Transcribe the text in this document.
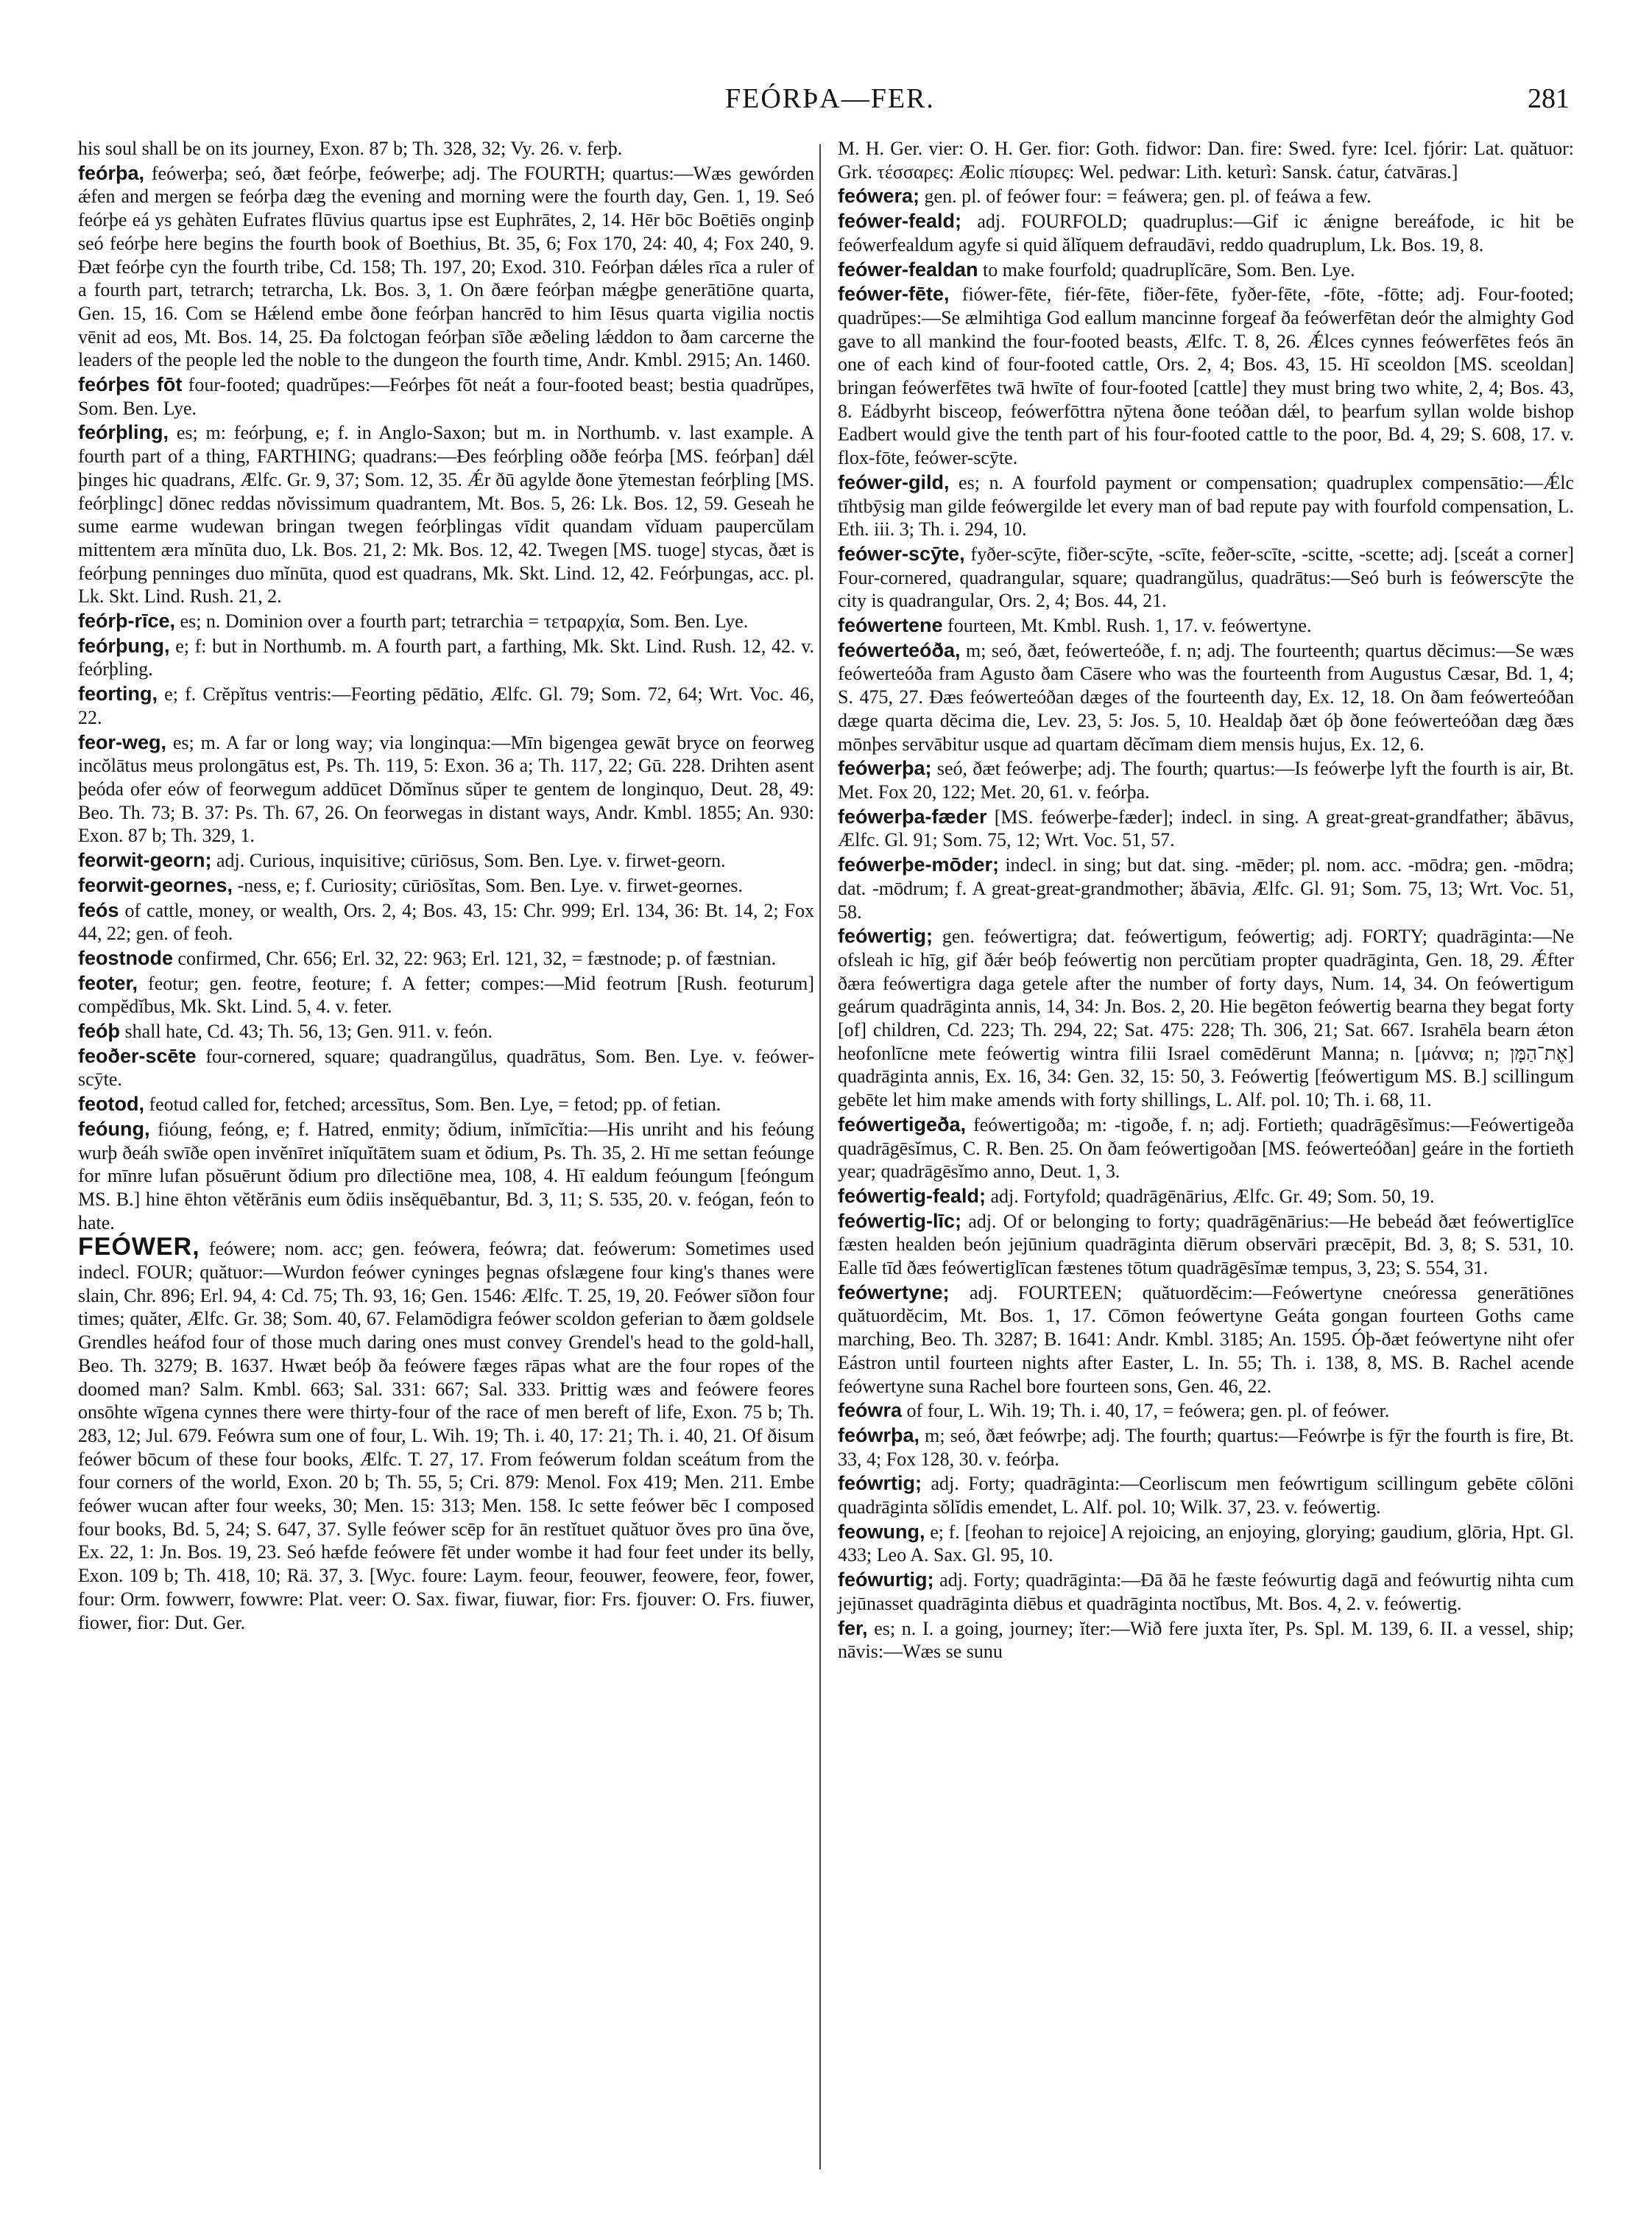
FEÓRÞA—FER.	281

his soul shall be on its journey, Exon. 87 b; Th. 328, 32; Vy. 26. v. ferþ.

feórþa, feówerþa; seó, ðæt feórþe, feówerþe; adj. The FOURTH; quartus:—Wæs gewórden ǽfen and mergen se feórþa dæg the evening and morning were the fourth day, Gen. 1, 19. Seó feórþe eá ys gehàten Eufrates flūvius quartus ipse est Euphrātes, 2, 14. Hēr bōc Boētiēs onginþ seó feórþe here begins the fourth book of Boethius, Bt. 35, 6; Fox 170, 24: 40, 4; Fox 240, 9. Ðæt feórþe cyn the fourth tribe, Cd. 158; Th. 197, 20; Exod. 310. Feórþan dǽles rīca a ruler of a fourth part, tetrarch; tetrarcha, Lk. Bos. 3, 1. On ðære feórþan mǽgþe generātiōne quarta, Gen. 15, 16. Com se Hǽlend embe ðone feórþan hancrēd to him Iēsus quarta vigilia noctis vēnit ad eos, Mt. Bos. 14, 25. Ða folctogan feórþan sīðe æðeling lǽddon to ðam carcerne the leaders of the people led the noble to the dungeon the fourth time, Andr. Kmbl. 2915; An. 1460.

feórþes fōt four-footed; quadrŭpes:—Feórþes fōt neát a four-footed beast; bestia quadrŭpes, Som. Ben. Lye.

feórþling, es; m: feórþung, e; f. in Anglo-Saxon; but m. in Northumb. v. last example. A fourth part of a thing, FARTHING; quadrans:—Ðes feórþling oððe feórþa [MS. feórþan] dǽl þinges hic quadrans, Ælfc. Gr. 9, 37; Som. 12, 35. Ǽr ðū agylde ðone ӯtemestan feórþling [MS. feórþlingc] dōnec reddas nŏvissimum quadrantem, Mt. Bos. 5, 26: Lk. Bos. 12, 59. Geseah he sume earme wudewan bringan twegen feórþlingas vīdit quandam vĭduam paupercŭlam mittentem æra mĭnūta duo, Lk. Bos. 21, 2: Mk. Bos. 12, 42. Twegen [MS. tuoge] stycas, ðæt is feórþung penninges duo mĭnūta, quod est quadrans, Mk. Skt. Lind. 12, 42. Feórþungas, acc. pl. Lk. Skt. Lind. Rush. 21, 2.

feórþ-rīce, es; n. Dominion over a fourth part; tetrarchia = τετραρχία, Som. Ben. Lye.

feórþung, e; f: but in Northumb. m. A fourth part, a farthing, Mk. Skt. Lind. Rush. 12, 42. v. feórþling.

feorting, e; f. Crĕpĭtus ventris:—Feorting pēdātio, Ælfc. Gl. 79; Som. 72, 64; Wrt. Voc. 46, 22.

feor-weg, es; m. A far or long way; via longinqua:—Mīn bigengea gewāt bryce on feorweg incŏlātus meus prolongātus est, Ps. Th. 119, 5: Exon. 36 a; Th. 117, 22; Gū. 228. Drihten asent þeóda ofer eów of feorwegum addūcet Dŏmĭnus sŭper te gentem de longinquo, Deut. 28, 49: Beo. Th. 73; B. 37: Ps. Th. 67, 26. On feorwegas in distant ways, Andr. Kmbl. 1855; An. 930: Exon. 87 b; Th. 329, 1.

feorwit-georn; adj. Curious, inquisitive; cūriōsus, Som. Ben. Lye. v. firwet-georn.

feorwit-geornes, -ness, e; f. Curiosity; cūriōsĭtas, Som. Ben. Lye. v. firwet-geornes.

feós of cattle, money, or wealth, Ors. 2, 4; Bos. 43, 15: Chr. 999; Erl. 134, 36: Bt. 14, 2; Fox 44, 22; gen. of feoh.

feostnode confirmed, Chr. 656; Erl. 32, 22: 963; Erl. 121, 32, = fæstnode; p. of fæstnian.

feoter, feotur; gen. feotre, feoture; f. A fetter; compes:—Mid feotrum [Rush. feoturum] compĕdĭbus, Mk. Skt. Lind. 5, 4. v. feter.

feóþ shall hate, Cd. 43; Th. 56, 13; Gen. 911. v. feón.

feoðer-scēte four-cornered, square; quadrangŭlus, quadrātus, Som. Ben. Lye. v. feówer-scӯte.

feotod, feotud called for, fetched; arcessītus, Som. Ben. Lye, = fetod; pp. of fetian.

feóung, fióung, feóng, e; f. Hatred, enmity; ŏdium, inĭmīcĭtia:—His unriht and his feóung wurþ ðeáh swīðe open invĕnīret inĭquĭtātem suam et ŏdium, Ps. Th. 35, 2. Hī me settan feóunge for mīnre lufan pŏsuērunt ŏdium pro dīlectiōne mea, 108, 4. Hī ealdum feóungum [feóngum MS. B.] hine ēhton vĕtĕrānis eum ŏdiis insĕquēbantur, Bd. 3, 11; S. 535, 20. v. feógan, feón to hate.

FEÓWER, feówere; nom. acc; gen. feówera, feówra; dat. feówerum: Sometimes used indecl. FOUR; quătuor:—Wurdon feówer cyninges þegnas ofslægene four king's thanes were slain, Chr. 896; Erl. 94, 4: Cd. 75; Th. 93, 16; Gen. 1546: Ælfc. T. 25, 19, 20. Feówer sīðon four times; quăter, Ælfc. Gr. 38; Som. 40, 67. Felamōdigra feówer scoldon geferian to ðæm goldsele Grendles heáfod four of those much daring ones must convey Grendel's head to the gold-hall, Beo. Th. 3279; B. 1637. Hwæt beóþ ða feówere fæges rāpas what are the four ropes of the doomed man? Salm. Kmbl. 663; Sal. 331: 667; Sal. 333. Þrittig wæs and feówere feores onsōhte wīgena cynnes there were thirty-four of the race of men bereft of life, Exon. 75 b; Th. 283, 12; Jul. 679. Feówra sum one of four, L. Wih. 19; Th. i. 40, 17: 21; Th. i. 40, 21. Of ðisum feówer bōcum of these four books, Ælfc. T. 27, 17. From feówerum foldan sceátum from the four corners of the world, Exon. 20 b; Th. 55, 5; Cri. 879: Menol. Fox 419; Men. 211. Embe feówer wucan after four weeks, 30; Men. 15: 313; Men. 158. Ic sette feówer bēc I composed four books, Bd. 5, 24; S. 647, 37. Sylle feówer scēp for ān restĭtuet quătuor ŏves pro ūna ŏve, Ex. 22, 1: Jn. Bos. 19, 23. Seó hæfde feówere fēt under wombe it had four feet under its belly, Exon. 109 b; Th. 418, 10; Rä. 37, 3. [Wyc. foure: Laym. feour, feouwer, feowere, feor, fower, four: Orm. fowwerr, fowwre: Plat. veer: O. Sax. fiwar, fiuwar, fior: Frs. fjouver: O. Frs. fiuwer, fiower, fior: Dut. Ger.

M. H. Ger. vier: O. H. Ger. fior: Goth. fidwor: Dan. fire: Swed. fyre: Icel. fjórir: Lat. quătuor: Grk. τέσσαρες: Æolic πίσυρες: Wel. pedwar: Lith. keturì: Sansk. ćatur, ćatvāras.]

feówera; gen. pl. of feówer four: = feáwera; gen. pl. of feáwa a few.

feówer-feald; adj. FOURFOLD; quadruplus:—Gif ic ǽnigne bereáfode, ic hit be feówerfealdum agyfe si quid ălĭquem defraudāvi, reddo quadruplum, Lk. Bos. 19, 8.

feówer-fealdan to make fourfold; quadruplĭcāre, Som. Ben. Lye.

feówer-fēte, fiówer-fēte, fiér-fēte, fiðer-fēte, fyðer-fēte, -fōte, -fōtte; adj. Four-footed; quadrŭpes:—Se ælmihtiga God eallum mancinne forgeaf ða feówerfētan deór the almighty God gave to all mankind the four-footed beasts, Ælfc. T. 8, 26. Ǽlces cynnes feówerfētes feós ān one of each kind of four-footed cattle, Ors. 2, 4; Bos. 43, 15. Hī sceoldon [MS. sceoldan] bringan feówerfētes twā hwīte of four-footed [cattle] they must bring two white, 2, 4; Bos. 43, 8. Eádbyrht bisceop, feówerfōttra nӯtena ðone teóðan dǽl, to þearfum syllan wolde bishop Eadbert would give the tenth part of his four-footed cattle to the poor, Bd. 4, 29; S. 608, 17. v. flox-fōte, feówer-scӯte.

feówer-gild, es; n. A fourfold payment or compensation; quadruplex compensātio:—Ǽlc tīhtbӯsig man gilde feówergilde let every man of bad repute pay with fourfold compensation, L. Eth. iii. 3; Th. i. 294, 10.

feówer-scӯte, fyðer-scӯte, fiðer-scӯte, -scīte, feðer-scīte, -scitte, -scette; adj. [sceát a corner] Four-cornered, quadrangular, square; quadrangŭlus, quadrātus:—Seó burh is feówerscӯte the city is quadrangular, Ors. 2, 4; Bos. 44, 21.

feówertene fourteen, Mt. Kmbl. Rush. 1, 17. v. feówertyne.

feówerteóða, m; seó, ðæt, feówerteóðe, f. n; adj. The fourteenth; quartus dĕcimus:—Se wæs feówerteóða fram Agusto ðam Cāsere who was the fourteenth from Augustus Cæsar, Bd. 1, 4; S. 475, 27. Ðæs feówerteóðan dæges of the fourteenth day, Ex. 12, 18. On ðam feówerteóðan dæge quarta dĕcima die, Lev. 23, 5: Jos. 5, 10. Healdaþ ðæt óþ ðone feówerteóðan dæg ðæs mōnþes servābitur usque ad quartam dĕcĭmam diem mensis hujus, Ex. 12, 6.

feówerþa; seó, ðæt feówerþe; adj. The fourth; quartus:—Is feówerþe lyft the fourth is air, Bt. Met. Fox 20, 122; Met. 20, 61. v. feórþa.

feówerþa-fæder [MS. feówerþe-fæder]; indecl. in sing. A great-great-grandfather; ăbāvus, Ælfc. Gl. 91; Som. 75, 12; Wrt. Voc. 51, 57.

feówerþe-mōder; indecl. in sing; but dat. sing. -mēder; pl. nom. acc. -mōdra; gen. -mōdra; dat. -mōdrum; f. A great-great-grandmother; ăbāvia, Ælfc. Gl. 91; Som. 75, 13; Wrt. Voc. 51, 58.

feówertig; gen. feówertigra; dat. feówertigum, feówertig; adj. FORTY; quadrāginta:—Ne ofsleah ic hīg, gif ðǽr beóþ feówertig non percŭtiam propter quadrāginta, Gen. 18, 29. Ǽfter ðæra feówertigra daga getele after the number of forty days, Num. 14, 34. On feówertigum geárum quadrāginta annis, 14, 34: Jn. Bos. 2, 20. Hie begēton feówertig bearna they begat forty [of] children, Cd. 223; Th. 294, 22; Sat. 475: 228; Th. 306, 21; Sat. 667. Israhēla bearn ǽton heofonlīcne mete feówertig wintra filii Israel comēdērunt Manna; n. [μάννα; n; אֶת־הַמָּן] quadrāginta annis, Ex. 16, 34: Gen. 32, 15: 50, 3. Feówertig [feówertigum MS. B.] scillingum gebēte let him make amends with forty shillings, L. Alf. pol. 10; Th. i. 68, 11.

feówertigeða, feówertigoða; m: -tigoðe, f. n; adj. Fortieth; quadrāgēsĭmus:—Feówertigeða quadrāgēsĭmus, C. R. Ben. 25. On ðam feówertigoðan [MS. feówerteóðan] geáre in the fortieth year; quadrāgēsĭmo anno, Deut. 1, 3.

feówertig-feald; adj. Fortyfold; quadrāgēnārius, Ælfc. Gr. 49; Som. 50, 19.

feówertig-līc; adj. Of or belonging to forty; quadrāgēnārius:—He bebeád ðæt feówertiglīce fæsten healden beón jejūnium quadrāginta diērum observāri præcēpit, Bd. 3, 8; S. 531, 10. Ealle tīd ðæs feówertiglīcan fæstenes tōtum quadrāgēsĭmæ tempus, 3, 23; S. 554, 31.

feówertyne; adj. FOURTEEN; quătuordĕcim:—Feówertyne cneóressa generātiōnes quătuordĕcim, Mt. Bos. 1, 17. Cōmon feówertyne Geáta gongan fourteen Goths came marching, Beo. Th. 3287; B. 1641: Andr. Kmbl. 3185; An. 1595. Óþ-ðæt feówertyne niht ofer Eástron until fourteen nights after Easter, L. In. 55; Th. i. 138, 8, MS. B. Rachel acende feówertyne suna Rachel bore fourteen sons, Gen. 46, 22.

feówra of four, L. Wih. 19; Th. i. 40, 17, = feówera; gen. pl. of feówer.

feówrþa, m; seó, ðæt feówrþe; adj. The fourth; quartus:—Feówrþe is fӯr the fourth is fire, Bt. 33, 4; Fox 128, 30. v. feórþa.

feówrtig; adj. Forty; quadrāginta:—Ceorliscum men feówrtigum scillingum gebēte cōlōni quadrāginta sŏlĭdis emendet, L. Alf. pol. 10; Wilk. 37, 23. v. feówertig.

feowung, e; f. [feohan to rejoice] A rejoicing, an enjoying, glorying; gaudium, glōria, Hpt. Gl. 433; Leo A. Sax. Gl. 95, 10.

feówurtig; adj. Forty; quadrāginta:—Ðā ðā he fæste feówurtig dagā and feówurtig nihta cum jejūnasset quadrāginta diēbus et quadrāginta noctĭbus, Mt. Bos. 4, 2. v. feówertig.

fer, es; n. I. a going, journey; ĭter:—Wið fere juxta ĭter, Ps. Spl. M. 139, 6. II. a vessel, ship; nāvis:—Wæs se sunu
